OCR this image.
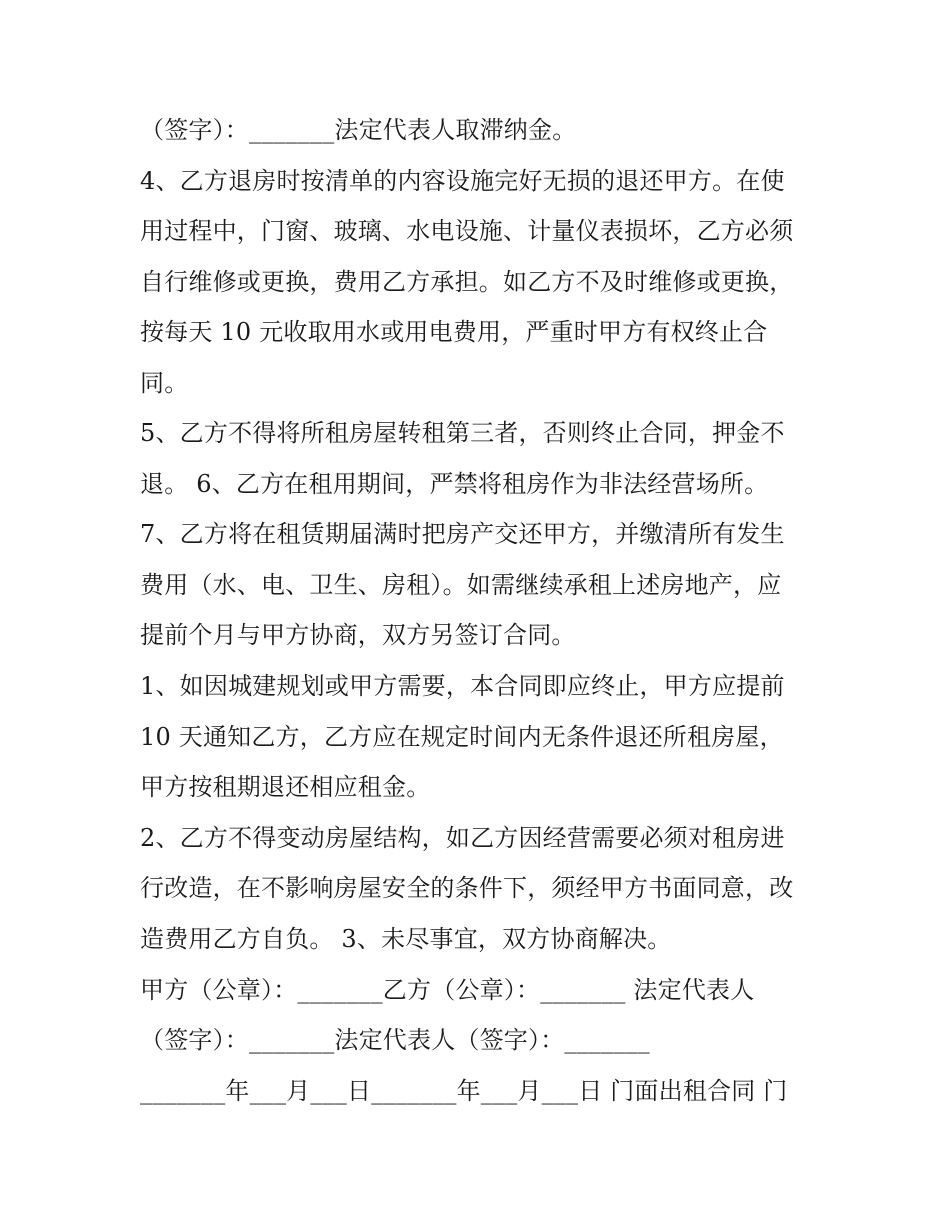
（签字）：_______法定代表人取滞纳金。
4、乙方退房时按清单的内容设施完好无损的退还甲方。在使
用过程中，门窗、玻璃、水电设施、计量仪表损坏，乙方必须
自行维修或更换，费用乙方承担。如乙方不及时维修或更换，
按每天 10 元收取用水或用电费用，严重时甲方有权终止合
同。
5、乙方不得将所租房屋转租第三者，否则终止合同，押金不
退。 6、乙方在租用期间，严禁将租房作为非法经营场所。
7、乙方将在租赁期届满时把房产交还甲方，并缴清所有发生
费用（水、电、卫生、房租）。如需继续承租上述房地产，应
提前个月与甲方协商，双方另签订合同。
1、如因城建规划或甲方需要，本合同即应终止，甲方应提前
10 天通知乙方，乙方应在规定时间内无条件退还所租房屋，
甲方按租期退还相应租金。
2、乙方不得变动房屋结构，如乙方因经营需要必须对租房进
行改造，在不影响房屋安全的条件下，须经甲方书面同意，改
造费用乙方自负。 3、未尽事宜，双方协商解决。
甲方（公章）：_______乙方（公章）：_______ 法定代表人
（签字）：_______法定代表人（签字）：_______
_______年___月___日_______年___月___日 门面出租合同 门
